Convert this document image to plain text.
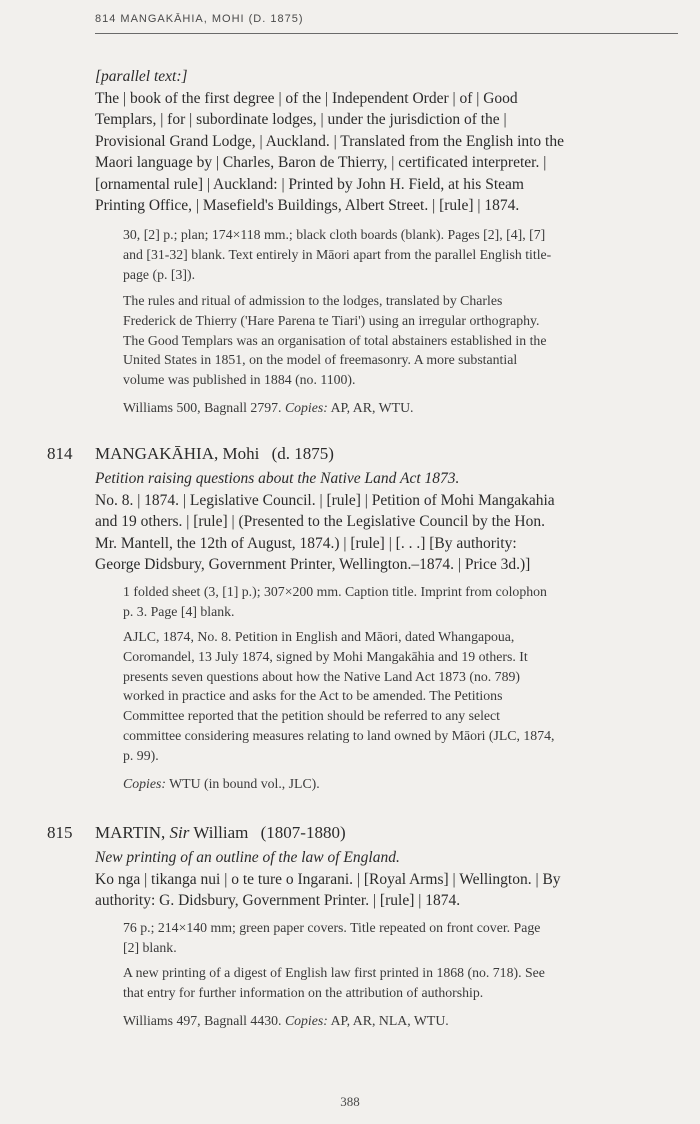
814 MANGAKĀHIA, MOHI (D. 1875)
[parallel text:]
The | book of the first degree | of the | Independent Order | of | Good
Templars, | for | subordinate lodges, | under the jurisdiction of the |
Provisional Grand Lodge, | Auckland. | Translated from the English into the
Maori language by | Charles, Baron de Thierry, | certificated interpreter. |
[ornamental rule] | Auckland: | Printed by John H. Field, at his Steam
Printing Office, | Masefield's Buildings, Albert Street. | [rule] | 1874.
30, [2] p.; plan; 174×118 mm.; black cloth boards (blank). Pages [2], [4], [7]
and [31-32] blank. Text entirely in Māori apart from the parallel English title-
page (p. [3]).
The rules and ritual of admission to the lodges, translated by Charles
Frederick de Thierry ('Hare Parena te Tiari') using an irregular orthography.
The Good Templars was an organisation of total abstainers established in the
United States in 1851, on the model of freemasonry. A more substantial
volume was published in 1884 (no. 1100).
Williams 500, Bagnall 2797. Copies: AP, AR, WTU.
814 MANGAKĀHIA, Mohi (d. 1875)
Petition raising questions about the Native Land Act 1873.
No. 8. | 1874. | Legislative Council. | [rule] | Petition of Mohi Mangakahia
and 19 others. | [rule] | (Presented to the Legislative Council by the Hon.
Mr. Mantell, the 12th of August, 1874.) | [rule] | [. . .] [By authority:
George Didsbury, Government Printer, Wellington.–1874. | Price 3d.)]
1 folded sheet (3, [1] p.); 307×200 mm. Caption title. Imprint from colophon
p. 3. Page [4] blank.
AJLC, 1874, No. 8. Petition in English and Māori, dated Whangapoua,
Coromandel, 13 July 1874, signed by Mohi Mangakāhia and 19 others. It
presents seven questions about how the Native Land Act 1873 (no. 789)
worked in practice and asks for the Act to be amended. The Petitions
Committee reported that the petition should be referred to any select
committee considering measures relating to land owned by Māori (JLC, 1874,
p. 99).
Copies: WTU (in bound vol., JLC).
815 MARTIN, Sir William (1807-1880)
New printing of an outline of the law of England.
Ko nga | tikanga nui | o te ture o Ingarani. | [Royal Arms] | Wellington. | By
authority: G. Didsbury, Government Printer. | [rule] | 1874.
76 p.; 214×140 mm; green paper covers. Title repeated on front cover. Page
[2] blank.
A new printing of a digest of English law first printed in 1868 (no. 718). See
that entry for further information on the attribution of authorship.
Williams 497, Bagnall 4430. Copies: AP, AR, NLA, WTU.
388
